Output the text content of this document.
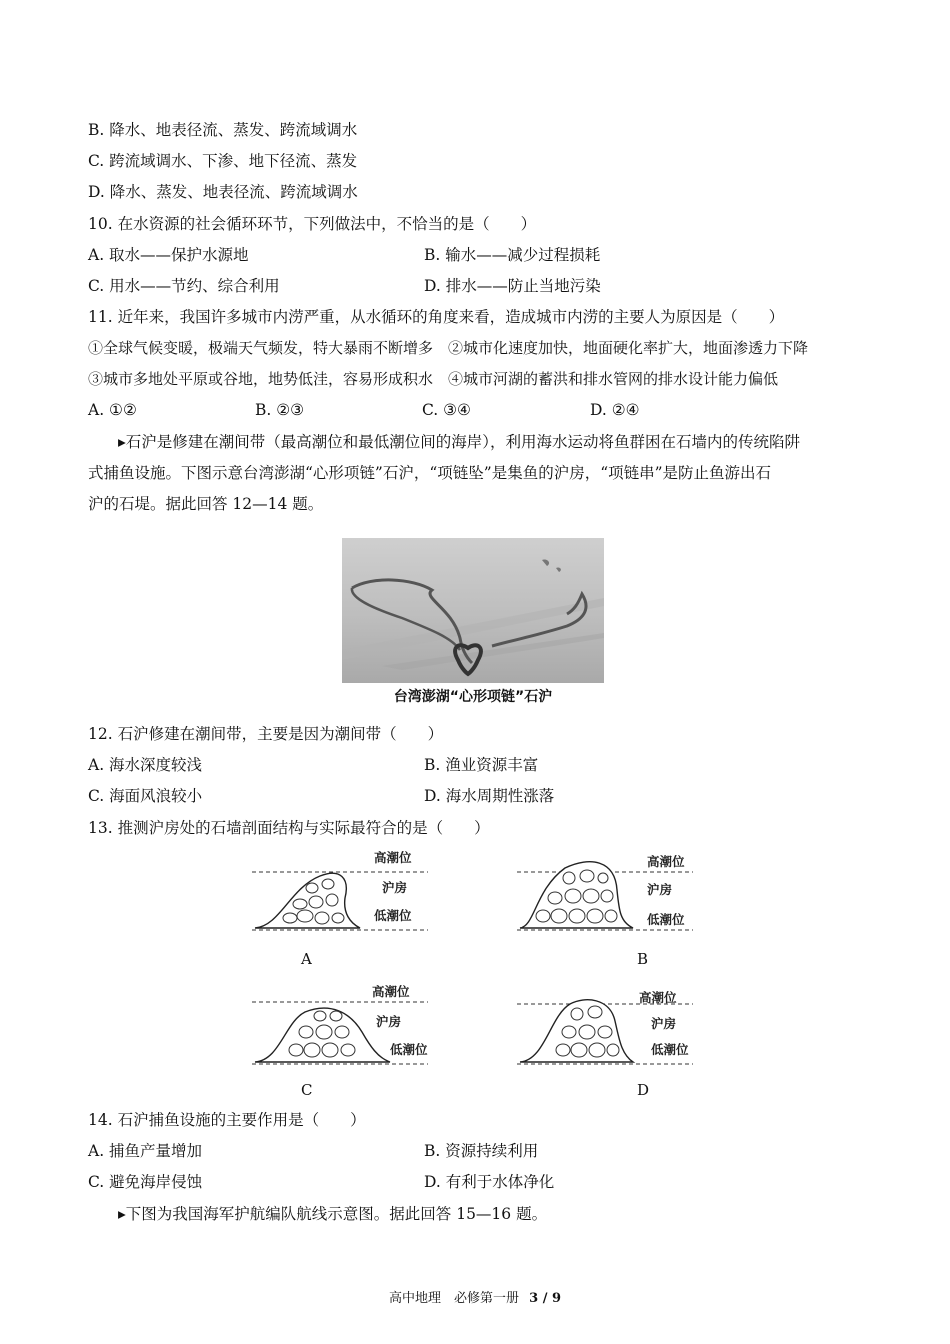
B. 降水、地表径流、蒸发、跨流域调水
C. 跨流域调水、下渗、地下径流、蒸发
D. 降水、蒸发、地表径流、跨流域调水
10. 在水资源的社会循环环节，下列做法中，不恰当的是（　　）
A. 取水——保护水源地	B. 输水——减少过程损耗
C. 用水——节约、综合利用	D. 排水——防止当地污染
11. 近年来，我国许多城市内涝严重，从水循环的角度来看，造成城市内涝的主要人为原因是（　　）
①全球气候变暖，极端天气频发，特大暴雨不断增多　②城市化速度加快，地面硬化率扩大，地面渗透力下降
③城市多地处平原或谷地，地势低洼，容易形成积水　④城市河湖的蓄洪和排水管网的排水设计能力偏低
A. ①②	B. ②③	C. ③④	D. ②④
▸石沪是修建在潮间带（最高潮位和最低潮位间的海岸），利用海水运动将鱼群困在石墙内的传统陷阱
式捕鱼设施。下图示意台湾澎湖“心形项链”石沪，“项链坠”是集鱼的沪房，“项链串”是防止鱼游出石
沪的石堤。据此回答 12—14 题。
台湾澎湖“心形项链”石沪
12. 石沪修建在潮间带，主要是因为潮间带（　　）
A. 海水深度较浅	B. 渔业资源丰富
C. 海面风浪较小	D. 海水周期性涨落
13. 推测沪房处的石墙剖面结构与实际最符合的是（　　）
高潮位
沪房
低潮位
A
高潮位
沪房
低潮位
B
高潮位
沪房
低潮位
C
高潮位
沪房
低潮位
D
14. 石沪捕鱼设施的主要作用是（　　）
A. 捕鱼产量增加	B. 资源持续利用
C. 避免海岸侵蚀	D. 有利于水体净化
▸下图为我国海军护航编队航线示意图。据此回答 15—16 题。
高中地理　必修第一册 3 / 9
